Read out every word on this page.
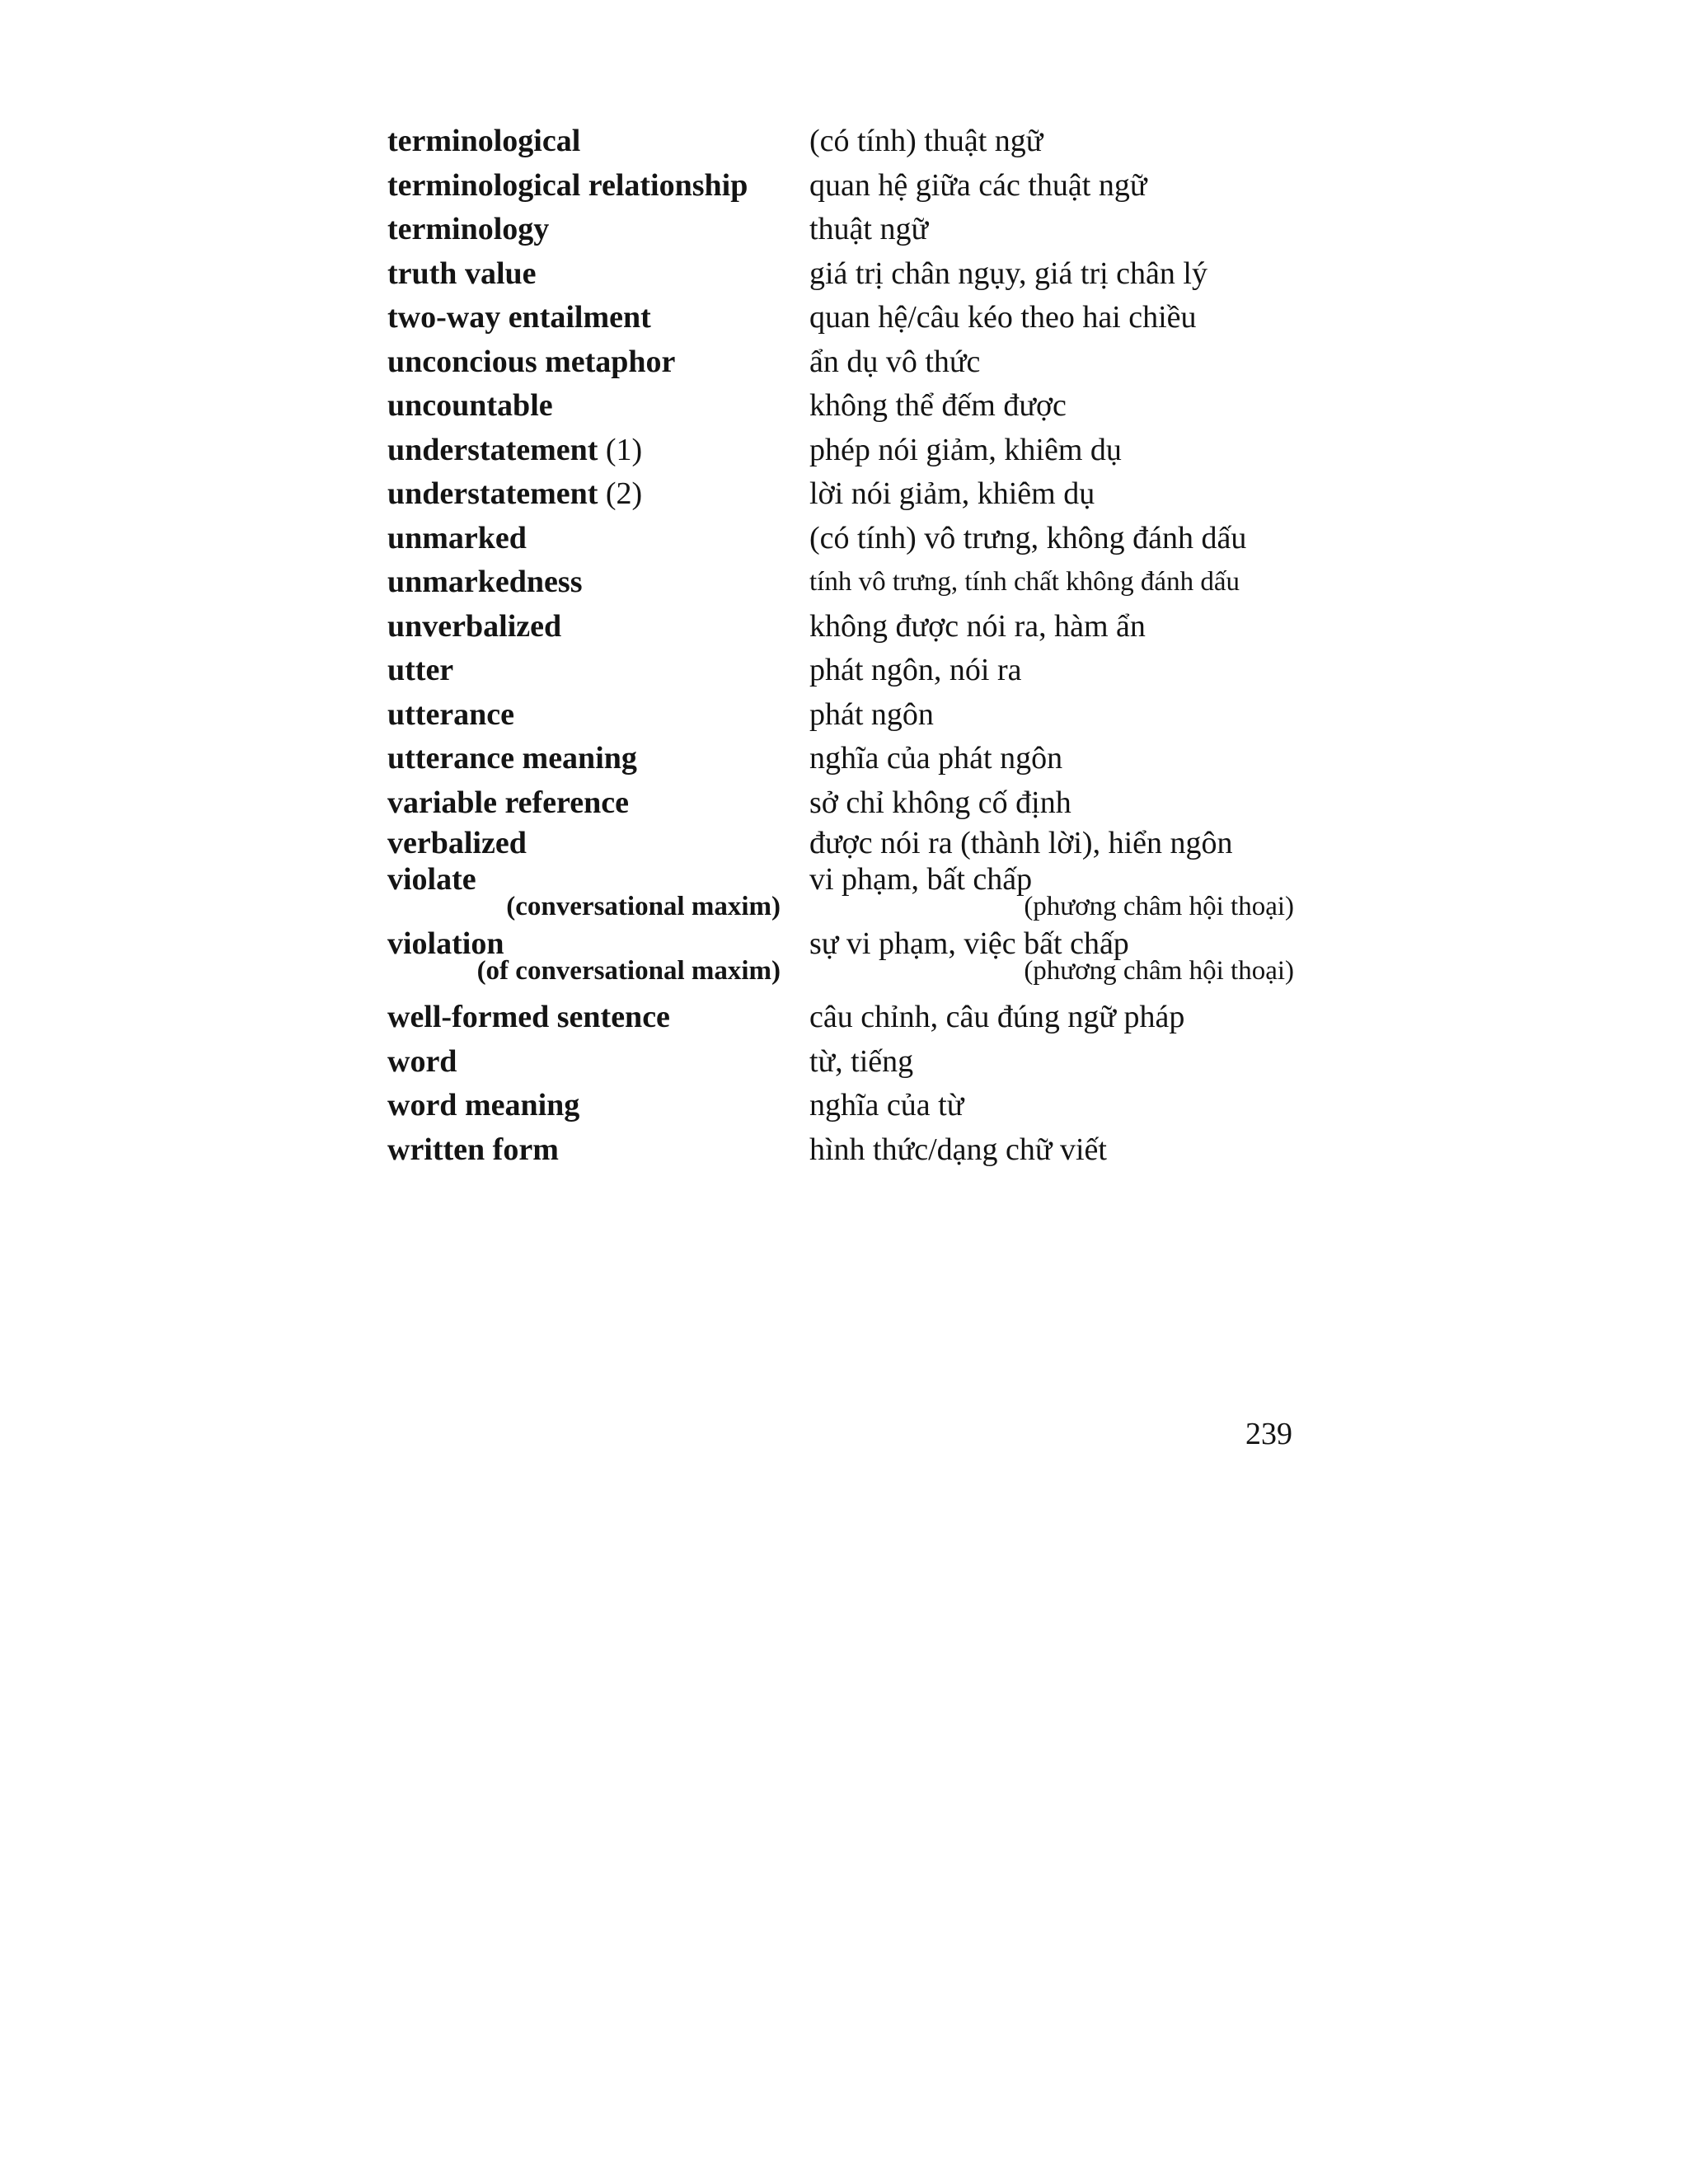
terminological	(có tính) thuật ngữ
terminological relationship	quan hệ giữa các thuật ngữ
terminology	thuật ngữ
truth value	giá trị chân ngụy, giá trị chân lý
two-way entailment	quan hệ/câu kéo theo hai chiều
unconcious metaphor	ẩn dụ vô thức
uncountable	không thể đếm được
understatement (1)	phép nói giảm, khiêm dụ
understatement (2)	lời nói giảm, khiêm dụ
unmarked	(có tính) vô trưng, không đánh dấu
unmarkedness	tính vô trưng, tính chất không đánh dấu
unverbalized	không được nói ra, hàm ẩn
utter	phát ngôn, nói ra
utterance	phát ngôn
utterance meaning	nghĩa của phát ngôn
variable reference	sở chỉ không cố định
verbalized	được nói ra (thành lời), hiển ngôn
violate	vi phạm, bất chấp
(conversational maxim)	(phương châm hội thoại)
violation	sự vi phạm, việc bất chấp
(of conversational maxim)	(phương châm hội thoại)
well-formed sentence	câu chỉnh, câu đúng ngữ pháp
word	từ, tiếng
word meaning	nghĩa của từ
written form	hình thức/dạng chữ viết
239
